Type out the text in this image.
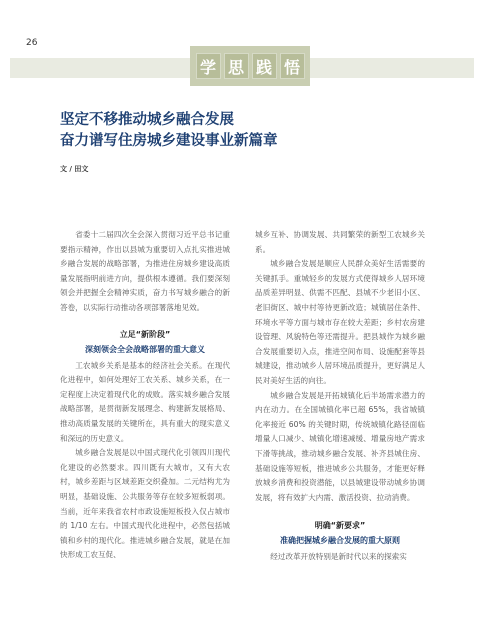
26
学 思 践 悟
坚定不移推动城乡融合发展
奋力谱写住房城乡建设事业新篇章
文 / 田文

省委十二届四次全会深入贯彻习近平总书记重要指示精神，作出以县城为重要切入点扎实推进城乡融合发展的战略部署，为推进住房城乡建设高质量发展指明前进方向，提供根本遵循。我们要深刻领会并把握全会精神实质，奋力书写城乡融合的新答卷，以实际行动推动各项部署落地见效。

立足“新阶段”
深刻领会全会战略部署的重大意义

工农城乡关系是基本的经济社会关系。在现代化进程中，如何处理好工农关系、城乡关系，在一定程度上决定着现代化的成败。落实城乡融合发展战略部署，是贯彻新发展理念、构建新发展格局、推动高质量发展的关键所在，具有重大的现实意义和深远的历史意义。

城乡融合发展是以中国式现代化引领四川现代化建设的必然要求。四川既有大城市，又有大农村，城乡差距与区域差距交织叠加。二元结构尤为明显，基础设施、公共服务等存在较多短板弱项。当前，近年来我省农村市政设施短板投入仅占城市的 1/10 左右。中国式现代化进程中，必然包括城镇和乡村的现代化。推进城乡融合发展，就是在加快形成工农互促、

城乡互补、协调发展、共同繁荣的新型工农城乡关系。

城乡融合发展是顺应人民群众美好生活需要的关键抓手。重城轻乡的发展方式使得城乡人居环境品质差异明显、供需不匹配、县城不少老旧小区、老旧街区、城中村等待更新改造；城镇居住条件、环境水平等方面与城市存在较大差距；乡村农房建设管理、风貌特色等还需提升。把县城作为城乡融合发展重要切入点，推进空间布局、设施配套等县城建设，推动城乡人居环境品质提升，更好满足人民对美好生活的向往。

城乡融合发展是开拓城镇化后半场需求潜力的内在动力。在全国城镇化率已超 65%，我省城镇化率接近 60% 的关键时期，传统城镇化路径面临增量人口减少、城镇化增速减缓、增量房地产需求下滑等挑战，推动城乡融合发展、补齐县城住房、基础设施等短板，推进城乡公共服务，才能更好释放城乡消费和投资潜能，以县城建设带动城乡协调发展，将有效扩大内需、激活投资、拉动消费。

明确“新要求”
准确把握城乡融合发展的重大原则

经过改革开放特别是新时代以来的探索实
